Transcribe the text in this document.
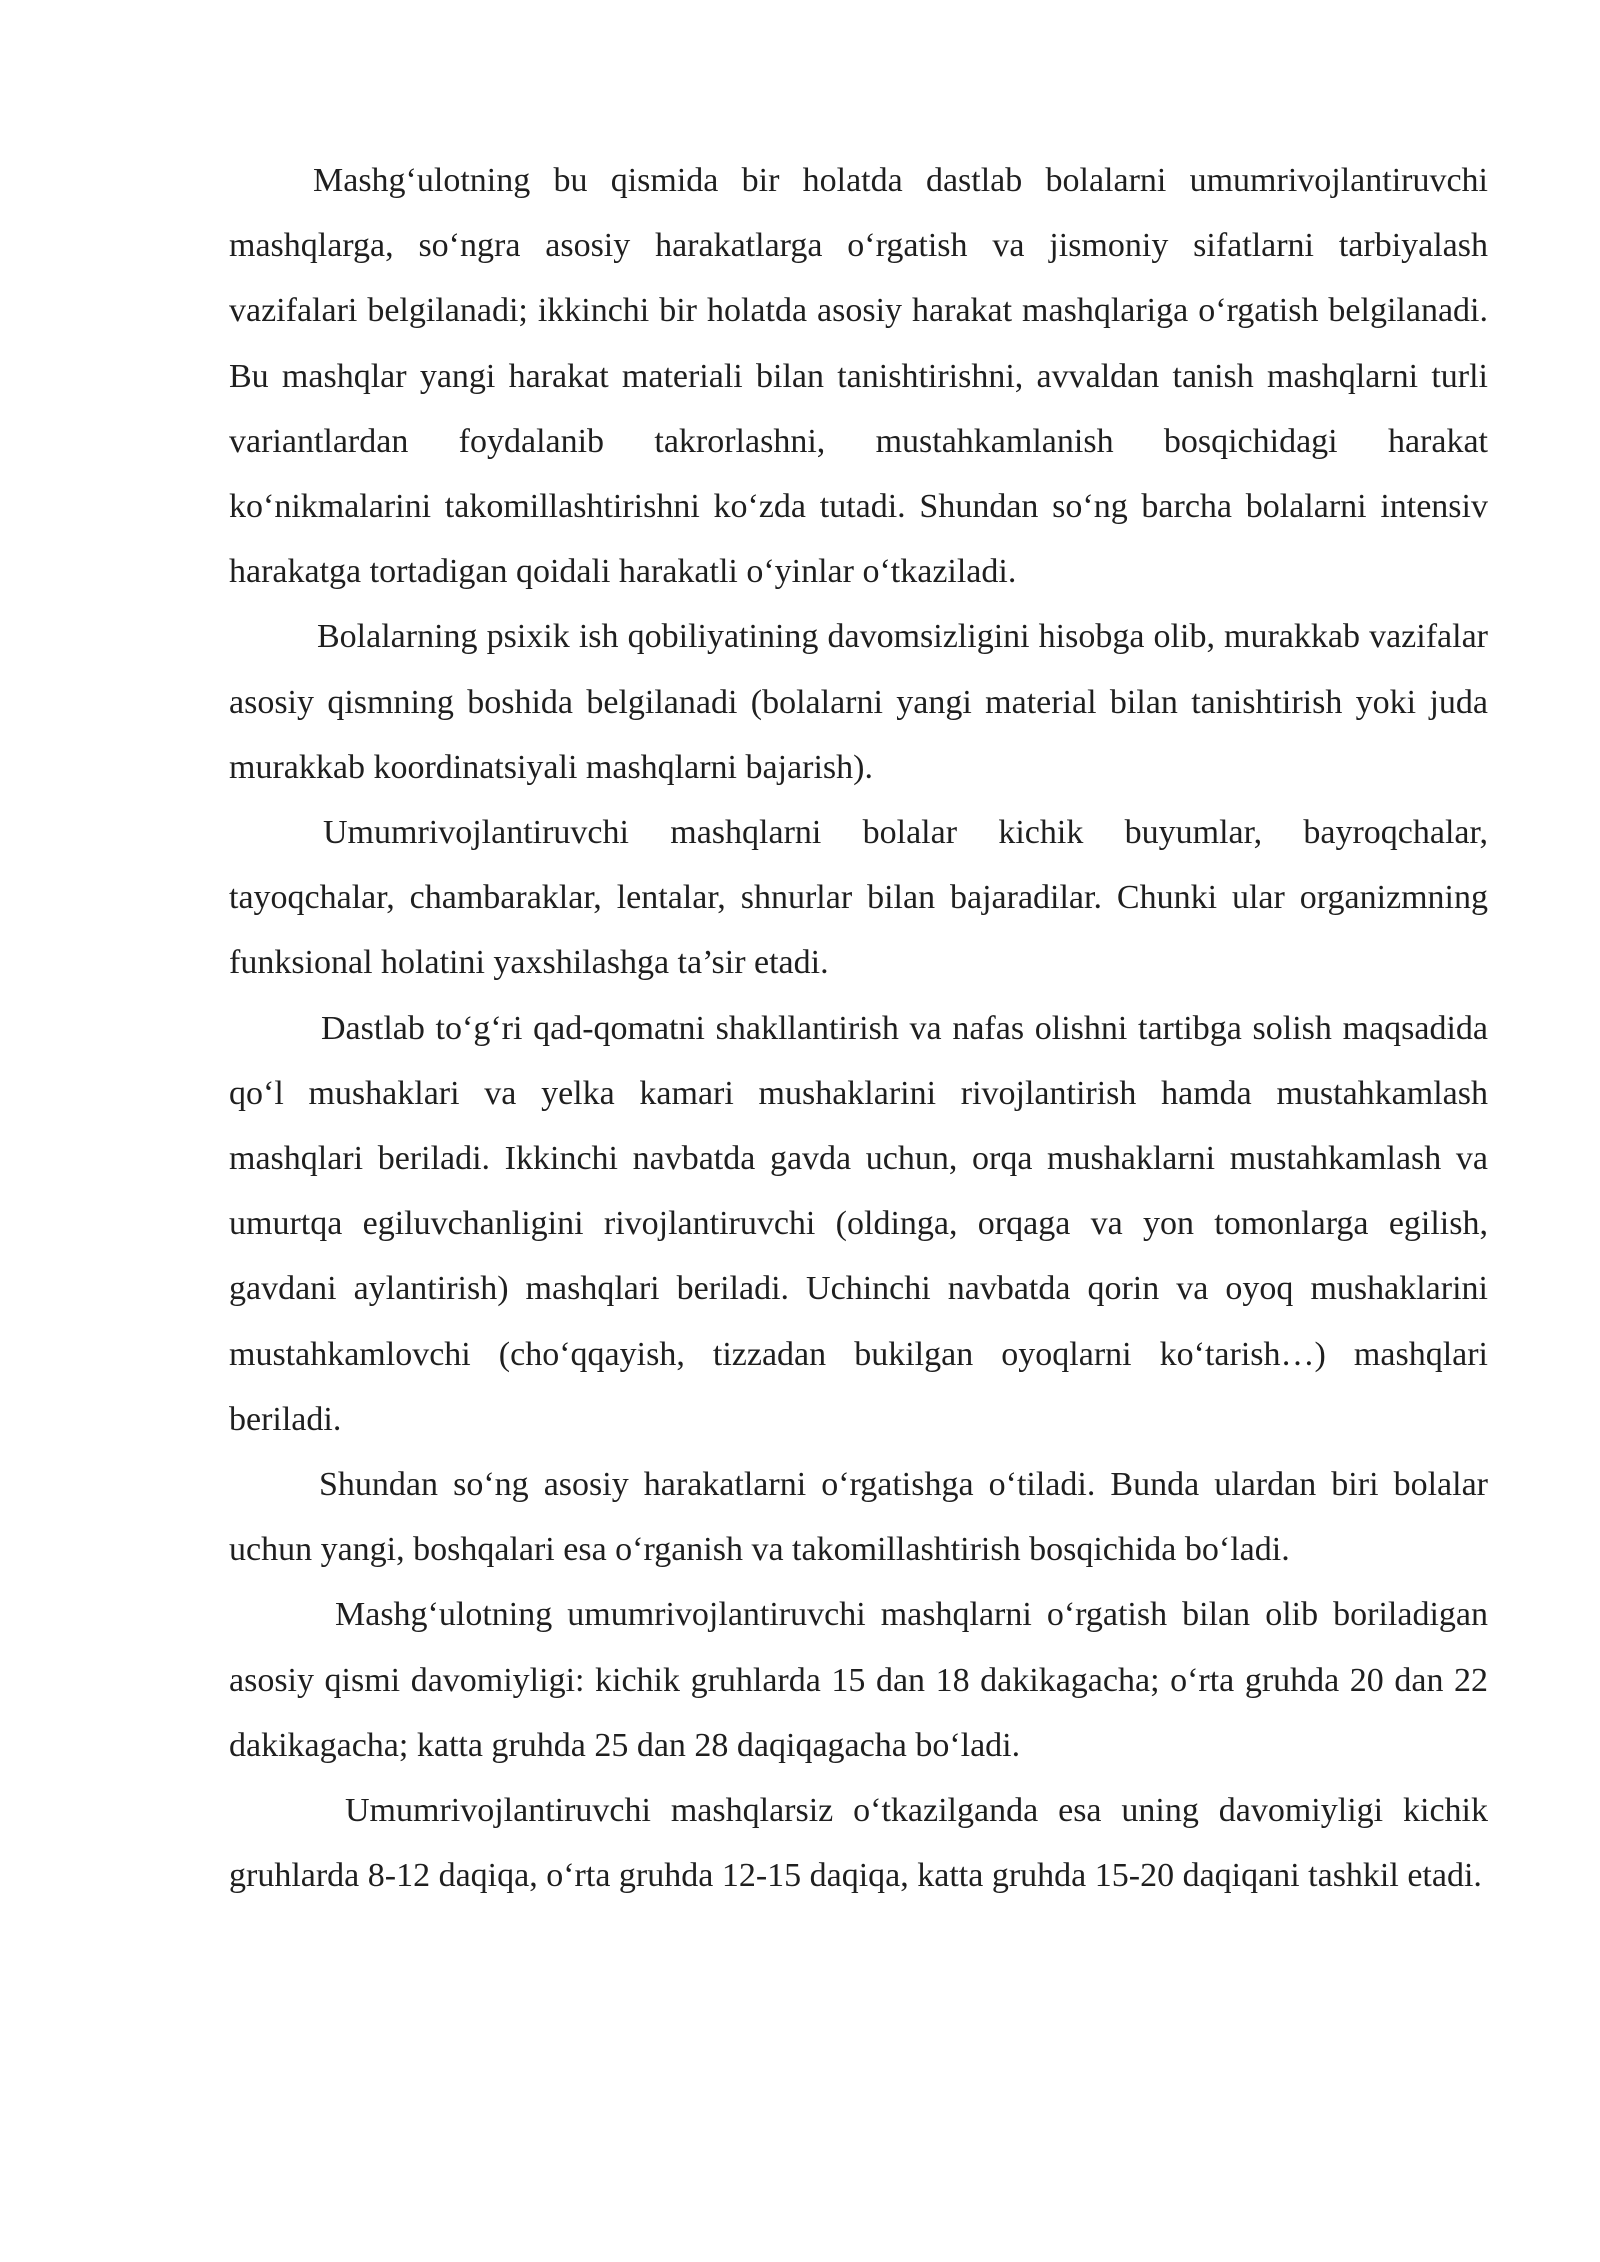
Mashg‘ulotning bu qismida bir holatda dastlab bolalarni umumrivojlantiruvchi mashqlarga, so‘ngra asosiy harakatlarga o‘rgatish va jismoniy sifatlarni tarbiyalash vazifalari belgilanadi; ikkinchi bir holatda asosiy harakat mashqlariga o‘rgatish belgilanadi. Bu mashqlar yangi harakat materiali bilan tanishtirishni, avvaldan tanish mashqlarni turli variantlardan foydalanib takrorlashni, mustahkamlanish bosqichidagi harakat ko‘nikmalarini takomillashtirishni ko‘zda tutadi. Shundan so‘ng barcha bolalarni intensiv harakatga tortadigan qoidali harakatli o‘yinlar o‘tkaziladi.

Bolalarning psixik ish qobiliyatining davomsizligini hisobga olib, murakkab vazifalar asosiy qismning boshida belgilanadi (bolalarni yangi material bilan tanishtirish yoki juda murakkab koordinatsiyali mashqlarni bajarish).

Umumrivojlantiruvchi mashqlarni bolalar kichik buyumlar, bayroqchalar, tayoqchalar, chambaraklar, lentalar, shnurlar bilan bajaradilar. Chunki ular organizmning funksional holatini yaxshilashga ta’sir etadi.

Dastlab to‘g‘ri qad-qomatni shakllantirish va nafas olishni tartibga solish maqsadida qo‘l mushaklari va yelka kamari mushaklarini rivojlantirish hamda mustahkamlash mashqlari beriladi. Ikkinchi navbatda gavda uchun, orqa mushaklarni mustahkamlash va umurtqa egiluvchanligini rivojlantiruvchi (oldinga, orqaga va yon tomonlarga egilish, gavdani aylantirish) mashqlari beriladi. Uchinchi navbatda qorin va oyoq mushaklarini mustahkamlovchi (cho‘qqayish, tizzadan bukilgan oyoqlarni ko‘tarish…) mashqlari beriladi.

Shundan so‘ng asosiy harakatlarni o‘rgatishga o‘tiladi. Bunda ulardan biri bolalar uchun yangi, boshqalari esa o‘rganish va takomillashtirish bosqichida bo‘ladi.

Mashg‘ulotning umumrivojlantiruvchi mashqlarni o‘rgatish bilan olib boriladigan asosiy qismi davomiyligi: kichik gruhlarda 15 dan 18 dakikagacha; o‘rta gruhda 20 dan 22 dakikagacha; katta gruhda 25 dan 28 daqiqagacha bo‘ladi.

Umumrivojlantiruvchi mashqlarsiz o‘tkazilganda esa uning davomiyligi kichik gruhlarda 8-12 daqiqa, o‘rta gruhda 12-15 daqiqa, katta gruhda 15-20 daqiqani tashkil etadi.
